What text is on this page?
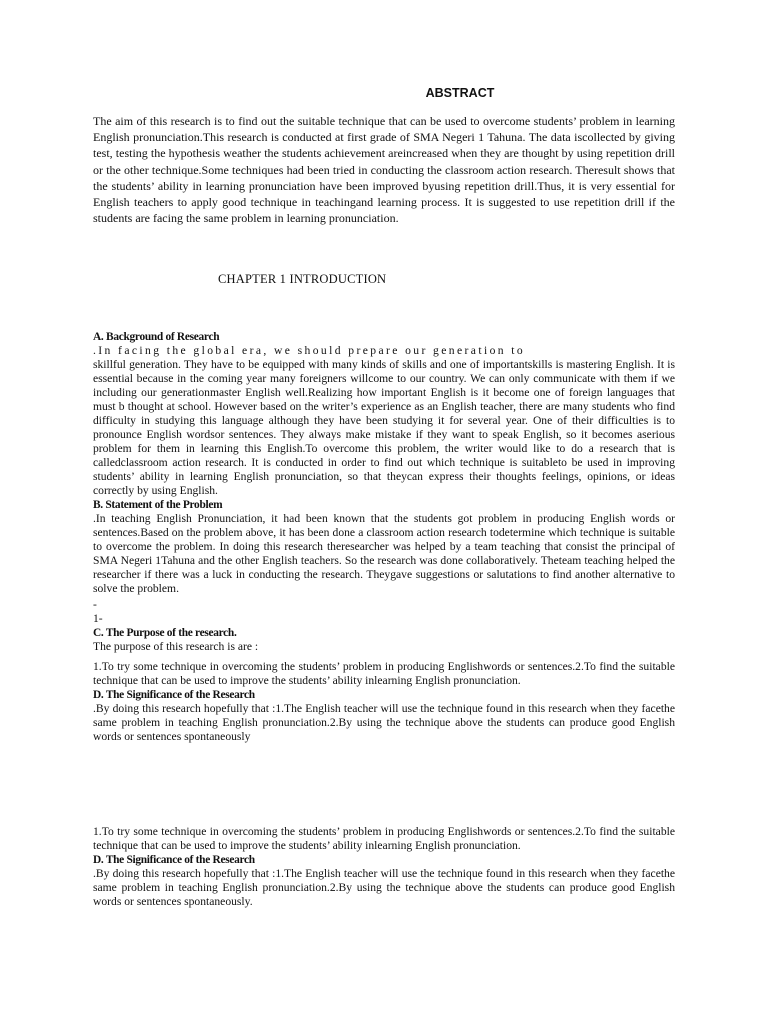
ABSTRACT
The aim of this research is to find out the suitable technique that can be used to overcome students’ problem in learning English pronunciation.This research is conducted at first grade of SMA Negeri 1 Tahuna. The data iscollected by giving test, testing the hypothesis weather the students achievement areincreased when they are thought by using repetition drill or the other technique.Some techniques had been tried in conducting the classroom action research. Theresult shows that the students’ ability in learning pronunciation have been improved byusing repetition drill.Thus, it is very essential for English teachers to apply good technique in teachingand learning process. It is suggested to use repetition drill if the students are facing the same problem in learning pronunciation.
CHAPTER 1 INTRODUCTION

A. Background of Research

.In facing the global era, we should prepare our generation to

skillful generation. They have to be equipped with many kinds of skills and one of importantskills is mastering English. It is essential because in the coming year many foreigners willcome to our country. We can only communicate with them if we including our generationmaster English well.Realizing how important English is it become one of foreign languages that must b thought at school. However based on the writer’s experience as an English teacher, there are many students who find difficulty in studying this language although they have been studying it for several year. One of their difficulties is to pronounce English wordsor sentences. They always make mistake if they want to speak English, so it becomes aserious problem for them in learning this English.To overcome this problem, the writer would like to do a research that is calledclassroom action research. It is conducted in order to find out which technique is suitableto be used in improving students’ ability in learning English pronunciation, so that theycan express their thoughts feelings, opinions, or ideas correctly by using English.

B. Statement of the Problem

.In teaching English Pronunciation, it had been known that the students got problem in producing English words or sentences.Based on the problem above, it has been done a classroom action research todetermine which technique is suitable to overcome the problem. In doing this research theresearcher was helped by a team teaching that consist the principal of SMA Negeri 1Tahuna and the other English teachers. So the research was done collaboratively. Theteam teaching helped the researcher if there was a luck in conducting the research. Theygave suggestions or salutations to find another alternative to solve the problem.

-

1-

C. The Purpose of the research.

The purpose of this research is are :

1.To try some technique in overcoming the students’ problem in producing Englishwords or sentences.2.To find the suitable technique that can be used to improve the students’ ability inlearning English pronunciation.

D. The Significance of the Research

.By doing this research hopefully that :1.The English teacher will use the technique found in this research when they facethe same problem in teaching English pronunciation.2.By using the technique above the students can produce good English words or sentences spontaneously

1.To try some technique in overcoming the students’ problem in producing Englishwords or sentences.2.To find the suitable technique that can be used to improve the students’ ability inlearning English pronunciation.

D. The Significance of the Research

.By doing this research hopefully that :1.The English teacher will use the technique found in this research when they facethe same problem in teaching English pronunciation.2.By using the technique above the students can produce good English words or sentences spontaneously.
